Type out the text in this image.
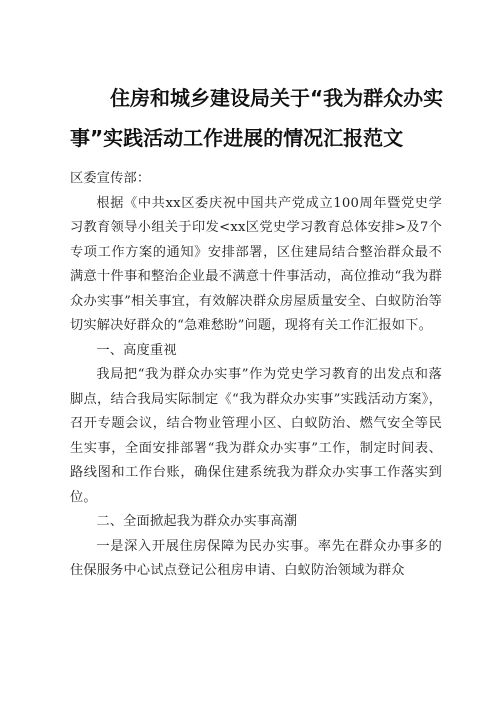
住房和城乡建设局关于“我为群众办实
事”实践活动工作进展的情况汇报范文

区委宣传部：

根据《中共xx区委庆祝中国共产党成立100周年暨党史学习教育领导小组关于印发<xx区党史学习教育总体安排>及7个专项工作方案的通知》安排部署，区住建局结合整治群众最不满意十件事和整治企业最不满意十件事活动，高位推动“我为群众办实事”相关事宜，有效解决群众房屋质量安全、白蚁防治等切实解决好群众的“急难愁盼”问题，现将有关工作汇报如下。

一、高度重视

我局把“我为群众办实事”作为党史学习教育的出发点和落脚点，结合我局实际制定《“我为群众办实事”实践活动方案》，召开专题会议，结合物业管理小区、白蚁防治、燃气安全等民生实事，全面安排部署“我为群众办实事”工作，制定时间表、路线图和工作台账，确保住建系统我为群众办实事工作落实到位。

二、全面掀起我为群众办实事高潮

一是深入开展住房保障为民办实事。率先在群众办事多的住保服务中心试点登记公租房申请、白蚁防治领域为群众
